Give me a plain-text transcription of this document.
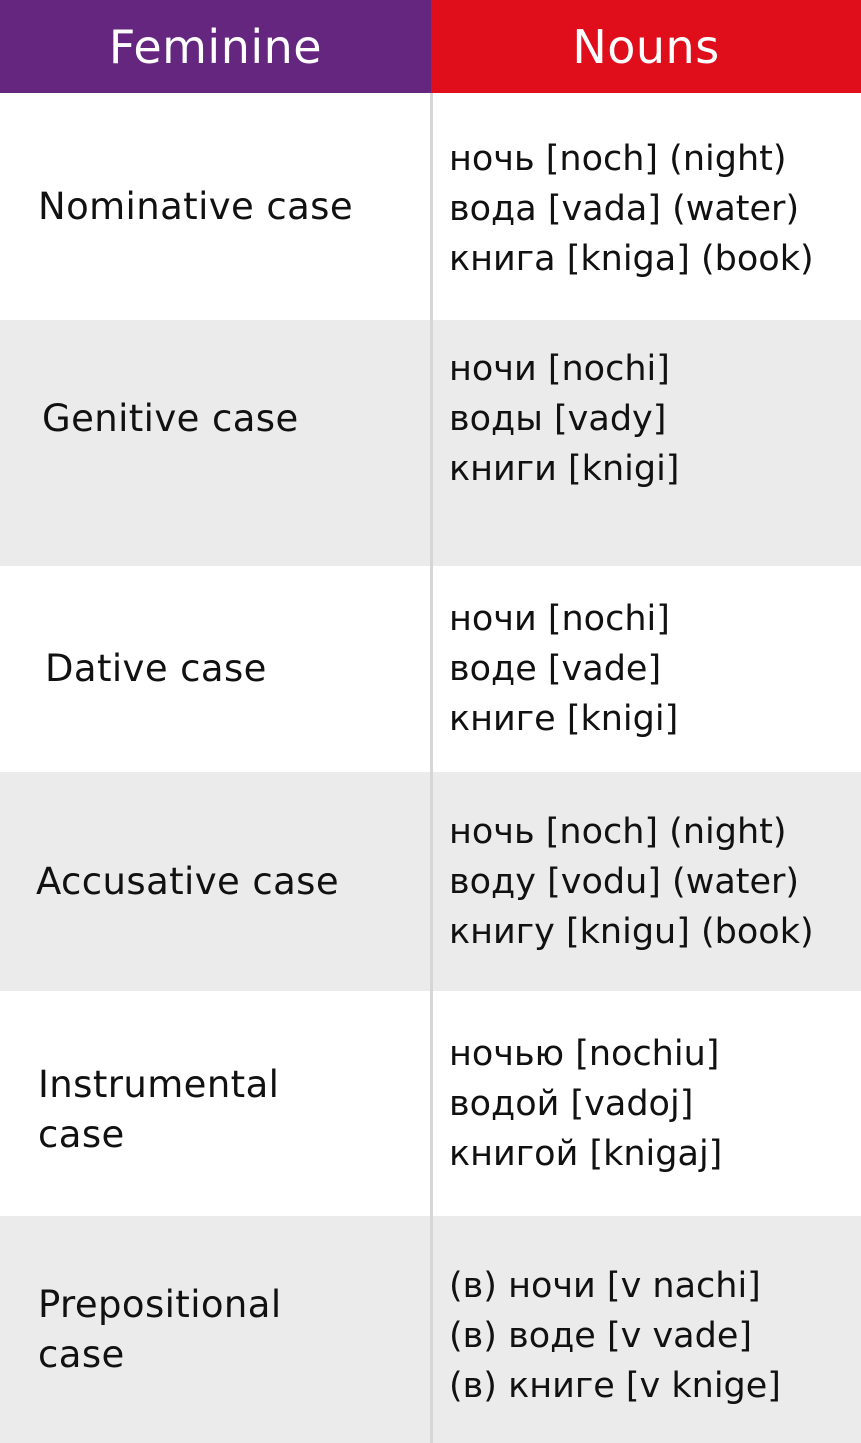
Feminine	Nouns
Nominative case
ночь [noch] (night)
вода [vada] (water)
книга [kniga] (book)
Genitive case
ночи [nochi]
воды [vady]
книги [knigi]
Dative case
ночи [nochi]
воде [vade]
книге [knigi]
Accusative case
ночь [noch] (night)
воду [vodu] (water)
книгу [knigu] (book)
Instrumental case
ночью [nochiu]
водой [vadoj]
книгой [knigaj]
Prepositional case
(в) ночи [v nachi]
(в) воде [v vade]
(в) книге [v knige]
